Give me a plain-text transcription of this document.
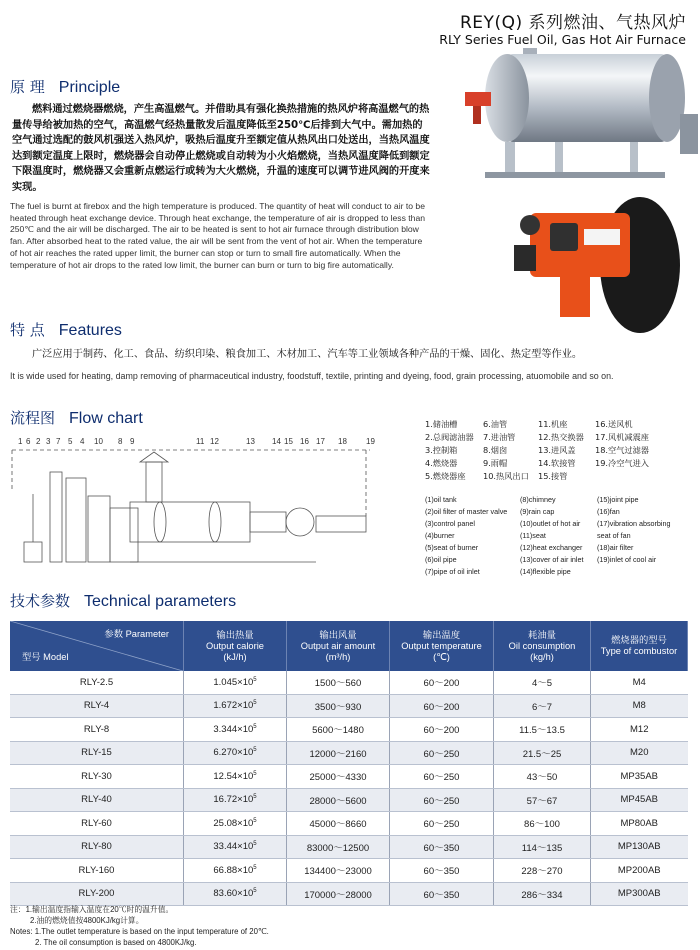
REY(Q) 系列燃油、气热风炉
RLY Series Fuel Oil, Gas Hot Air Furnace
原 理 Principle
燃料通过燃烧器燃烧，产生高温燃气。并借助具有强化换热措施的热风炉将高温燃气的热量传导给被加热的空气，高温燃气经热量散发后温度降低至250℃后排到大气中。需加热的空气通过选配的鼓风机强送入热风炉，吸热后温度升至额定值从热风出口处送出，当热风温度达到额定温度上限时，燃烧器会自动停止燃烧或自动转为小火焰燃烧，当热风温度降低到额定下限温度时，燃烧器又会重新点燃运行或转为大火燃烧，升温的速度可以调节进风阀的开度来实现。
The fuel is burnt at firebox and the high temperature is produced. The quantity of heat will conduct to air to be heated through heat exchange device. Through heat exchange, the temperature of air is dropped to less than 250℃ and the air will be discharged. The air to be heated is sent to hot air furnace through distribution blow fan. After absorbed heat to the rated value, the air will be sent from the vent of hot air. When the temperature of hot air reaches the rated upper limit, the burner can stop or turn to small fire automatically. When the temperature of hot air drops to the rated low limit, the burner can burn or turn to big fire automatically.
特 点 Features
广泛应用于制药、化工、食品、纺织印染、粮食加工、木材加工、汽车等工业领域各种产品的干燥、固化、热定型等作业。
It is wide used for heating, damp removing of pharmaceutical industry, foodstuff, textile, printing and dyeing, food, grain processing, atuomobile and so on.
流程图 Flow chart
1 6 2 3 7 5 4 10 8 9	11 12	13 14 15 16 17 18 19
1.储油槽
2.总阀滤油器
3.控制箱
4.燃烧器
5.燃烧器座
6.油管
7.进油管
8.烟囱
9.雨帽
10.热风出口
11.机座
12.热交换器
13.进风盖
14.软接管
15.接管
16.送风机
17.风机减震座
18.空气过滤器
19.冷空气进入
(1)oil tank
(2)oil filter of master valve
(3)control panel
(4)burner
(5)seat of burner
(6)oil pipe
(7)pipe of oil inlet
(8)chimney
(9)rain cap
(10)outlet of hot air
(11)seat
(12)heat exchanger
(13)cover of air inlet
(14)flexible pipe
(15)joint pipe
(16)fan
(17)vibration absorbing
seat of fan
(18)air filter
(19)inlet of cool air
技术参数 Technical parameters
参数 Parameter
型号 Model	输出热量
Output calorie
(kJ/h)	输出风量
Output air amount
(m³/h)	输出温度
Output temperature
(℃)	耗油量
Oil consumption
(kg/h)	燃烧器的型号
Type of combustor
RLY-2.5	$1.045\times 10^5$	1500～560	60～200	4～5	M4
RLY-4	$1.672\times 10^5$	3500～930	60～200	6～7	M8
RLY-8	$3.344\times 10^5$	5600～1480	60～200	11.5～13.5	M12
RLY-15	$6.270\times 10^5$	12000～2160	60～250	21.5～25	M20
RLY-30	$12.54\times 10^5$	25000～4330	60～250	43～50	MP35AB
RLY-40	$16.72\times 10^5$	28000～5600	60～250	57～67	MP45AB
RLY-60	$25.08\times 10^5$	45000～8660	60～250	86～100	MP80AB
RLY-80	$33.44\times 10^5$	83000～12500	60～350	114～135	MP130AB
RLY-160	$66.88\times 10^5$	134400～23000	60～350	228～270	MP200AB
RLY-200	$83.60\times 10^5$	170000～28000	60～350	286～334	MP300AB
注：1.输出温度指输入温度在20℃时的温升值。
2.油的燃烧值按4800KJ/kg计算。
Notes: 1.The outlet temperature is based on the input temperature of 20℃.
2. The oil consumption is based on 4800KJ/kg.
